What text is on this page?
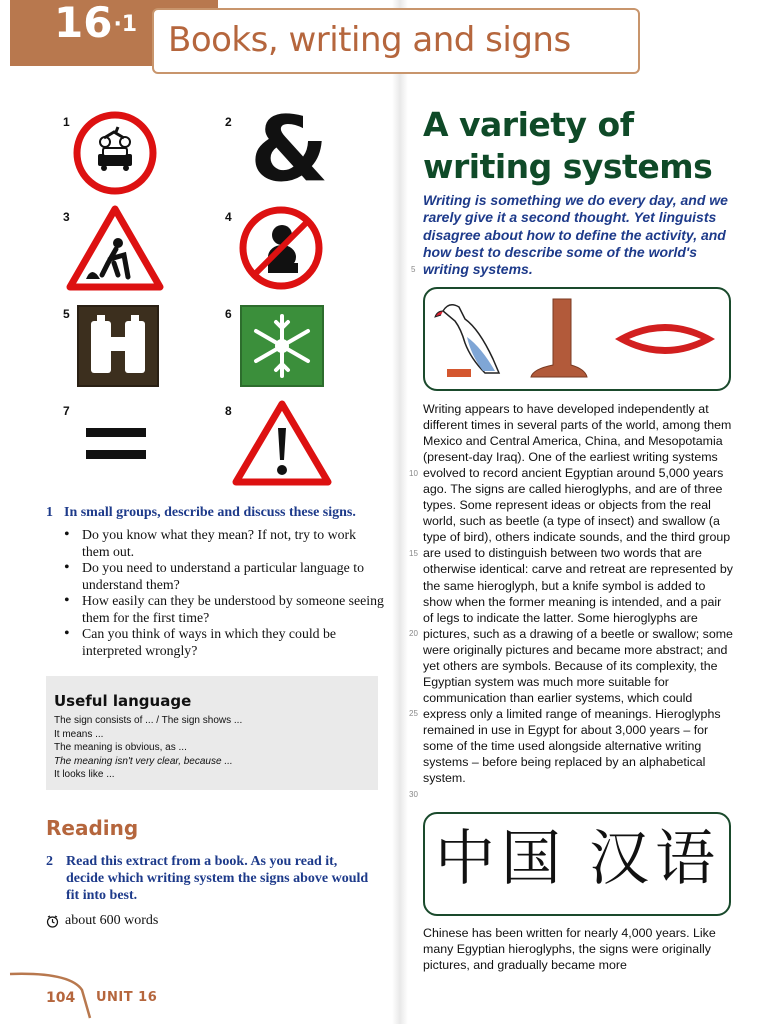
$16^{\cdot 1}$ Books, writing and signs
1	2 &
3	4
5	6
7	8
1 In small groups, describe and discuss these signs.
• Do you know what they mean? If not, try to work them out.
• Do you need to understand a particular language to understand them?
• How easily can they be understood by someone seeing them for the first time?
• Can you think of ways in which they could be interpreted wrongly?
Useful language
The sign consists of ... / The sign shows ...
It means ...
The meaning is obvious, as ...
The meaning isn't very clear, because ...
It looks like ...
Reading
2 Read this extract from a book. As you read it, decide which writing system the signs above would fit into best.
about 600 words
104 UNIT 16
A variety of
writing systems
Writing is something we do every day, and we rarely give it a second thought. Yet linguists disagree about how to define the activity, and how best to describe some of the world's writing systems.
5

Writing appears to have developed independently at different times in several parts of the world, among them Mexico and Central America, China, and Mesopotamia (present-day Iraq). One of the earliest writing systems evolved to record ancient Egyptian around 5,000 years ago. The signs are called hieroglyphs, and are of three types. Some represent ideas or objects from the real world, such as beetle (a type of insect) and swallow (a type of bird), others indicate sounds, and the third group are used to distinguish between two words that are otherwise identical: carve and retreat are represented by the same hieroglyph, but a knife symbol is added to show when the former meaning is intended, and a pair of legs to indicate the latter. Some hieroglyphs are pictures, such as a drawing of a beetle or swallow; some were originally pictures and became more abstract; and yet others are symbols. Because of its complexity, the Egyptian system was much more suitable for communication than earlier systems, which could express only a limited range of meanings. Hieroglyphs remained in use in Egypt for about 3,000 years – for some of the time used alongside alternative writing systems – before being replaced by an alphabetical system.

10
15
20
25
30
中国 汉语
Chinese has been written for nearly 4,000 years. Like many Egyptian hieroglyphs, the signs were originally pictures, and gradually became more
